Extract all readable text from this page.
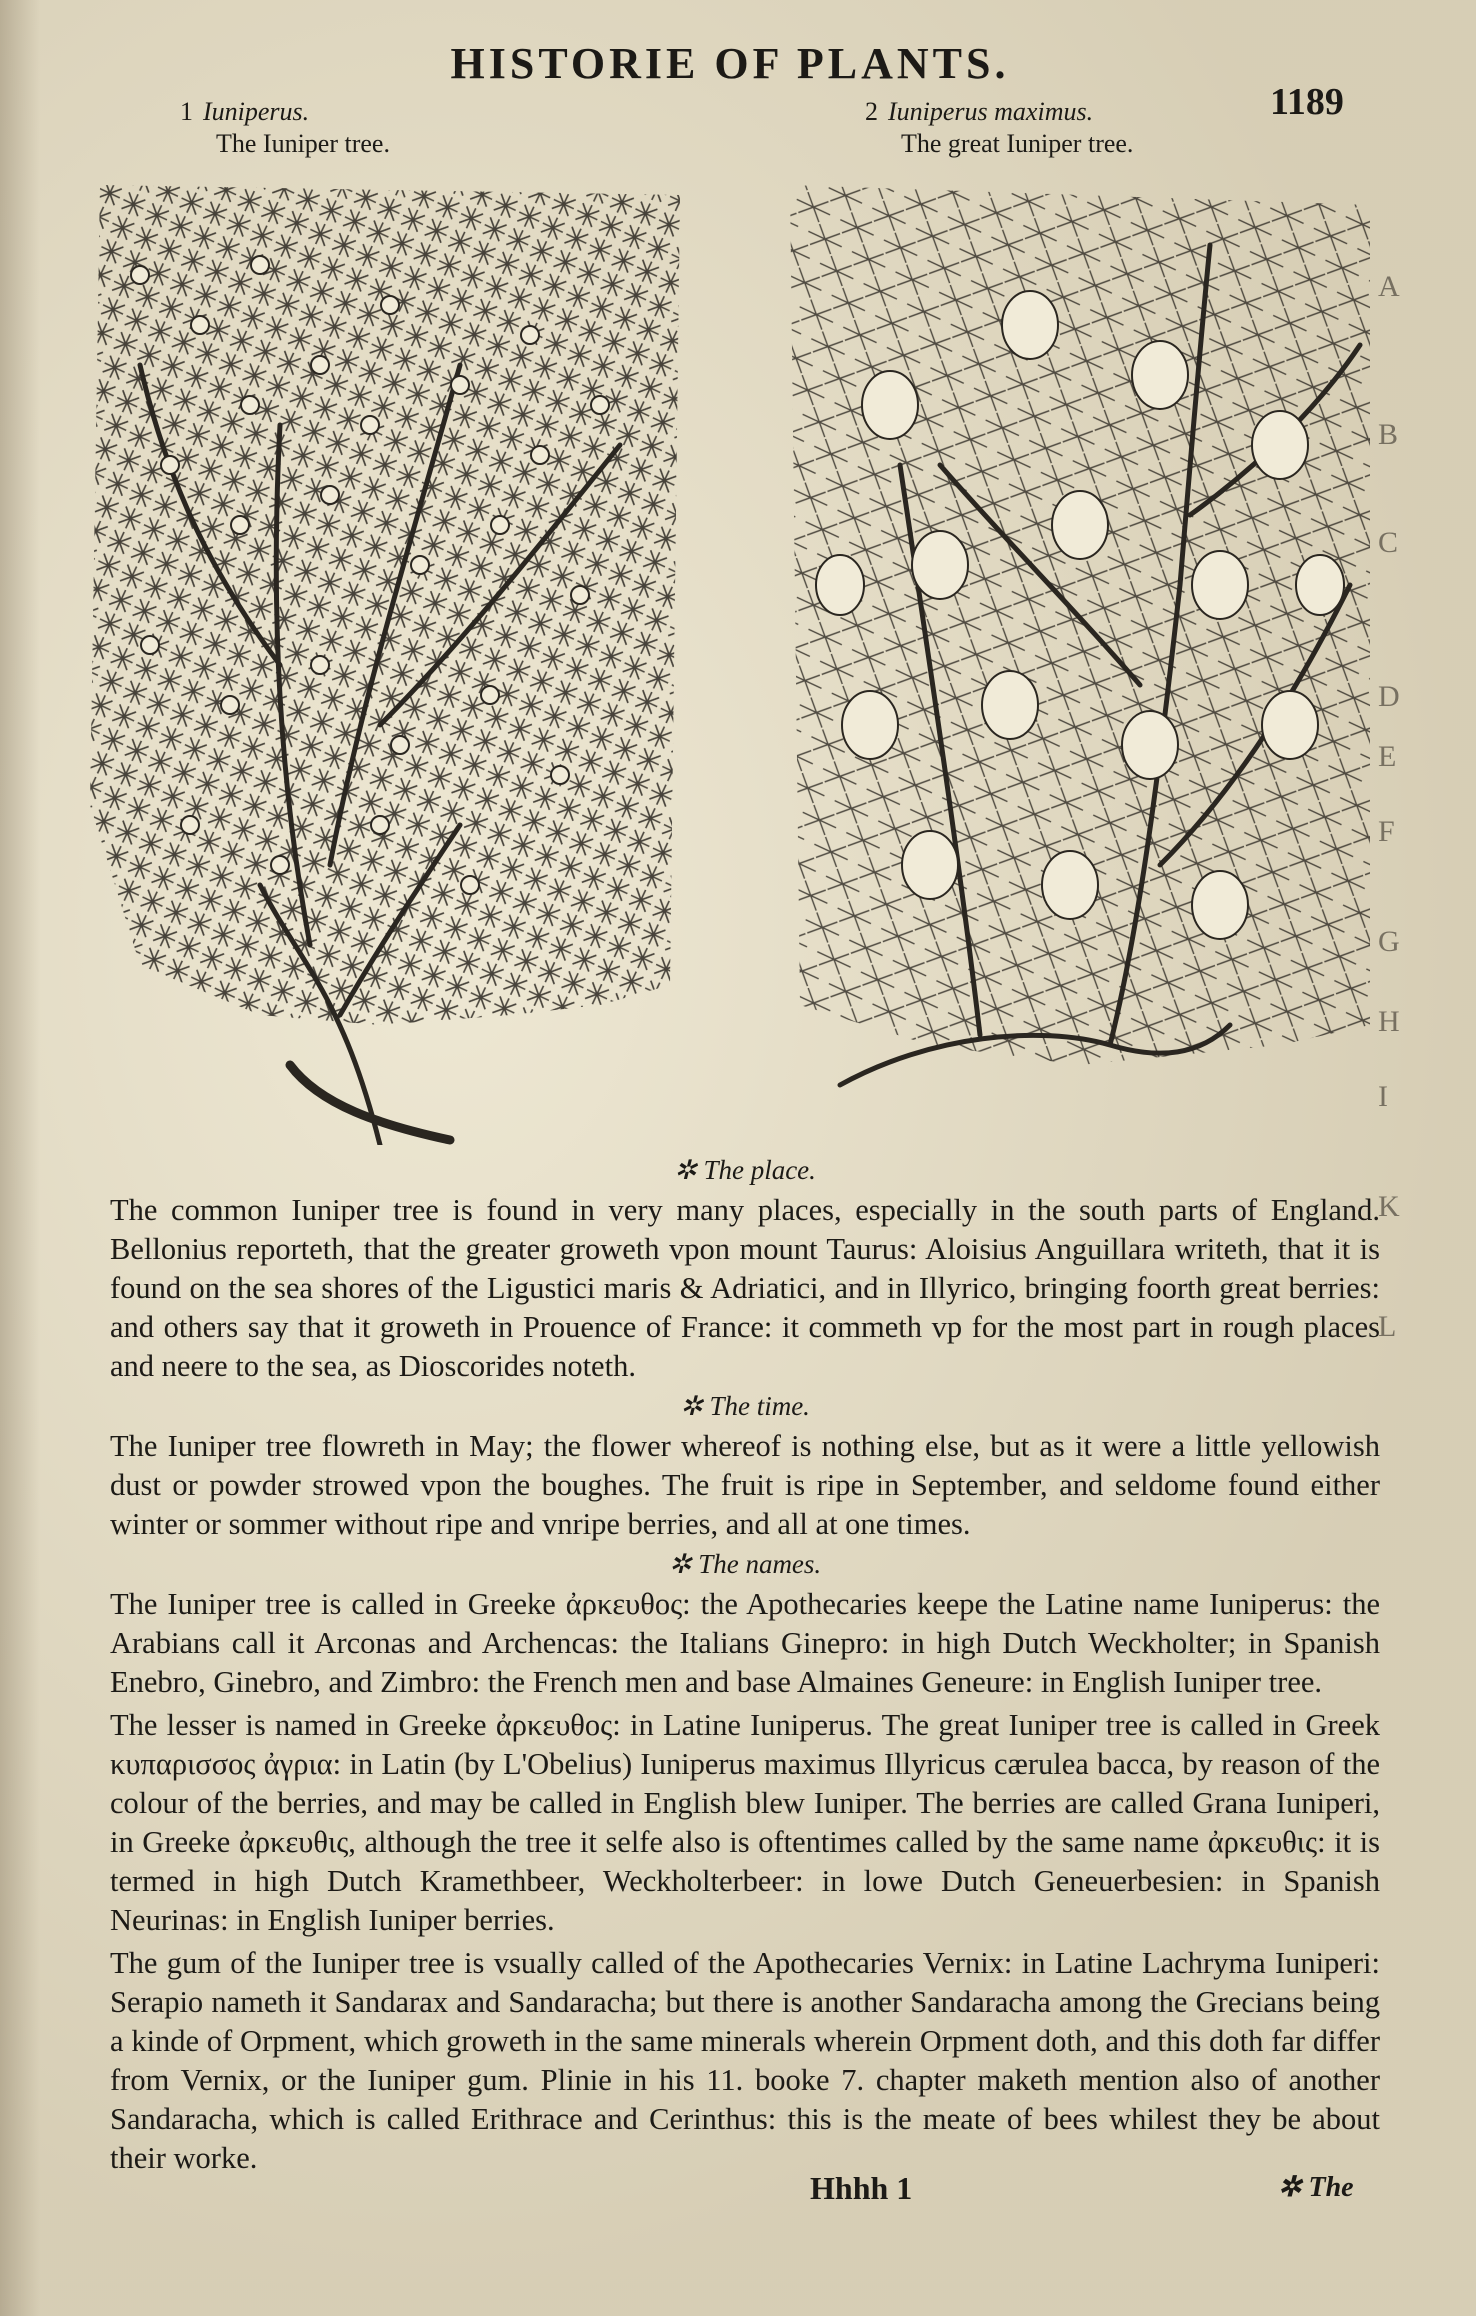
HISTORIE OF PLANTS.
1189
1 Iuniperus.
The Iuniper tree.
2 Iuniperus maximus.
The great Iuniper tree.
A
B
C
D
E
F
G
H
I
K
L
✲ The place.

The common Iuniper tree is found in very many places, especially in the south parts of England. Bellonius reporteth, that the greater groweth vpon mount Taurus: Aloisius Anguillara writeth, that it is found on the sea shores of the Ligustici maris & Adriatici, and in Illyrico, bringing foorth great berries: and others say that it groweth in Prouence of France: it commeth vp for the most part in rough places and neere to the sea, as Dioscorides noteth.

✲ The time.

The Iuniper tree flowreth in May; the flower whereof is nothing else, but as it were a little yellowish dust or powder strowed vpon the boughes. The fruit is ripe in September, and seldome found either winter or sommer without ripe and vnripe berries, and all at one times.

✲ The names.

The Iuniper tree is called in Greeke ἀρκευθος: the Apothecaries keepe the Latine name Iuniperus: the Arabians call it Arconas and Archencas: the Italians Ginepro: in high Dutch Weckholter; in Spanish Enebro, Ginebro, and Zimbro: the French men and base Almaines Geneure: in English Iuniper tree.

The lesser is named in Greeke ἀρκευθος: in Latine Iuniperus. The great Iuniper tree is called in Greek κυπαρισσος ἀγρια: in Latin (by L'Obelius) Iuniperus maximus Illyricus cærulea bacca, by reason of the colour of the berries, and may be called in English blew Iuniper. The berries are called Grana Iuniperi, in Greeke ἀρκευθις, although the tree it selfe also is oftentimes called by the same name ἀρκευθις: it is termed in high Dutch Kramethbeer, Weckholterbeer: in lowe Dutch Geneuerbesien: in Spanish Neurinas: in English Iuniper berries.

The gum of the Iuniper tree is vsually called of the Apothecaries Vernix: in Latine Lachryma Iuniperi: Serapio nameth it Sandarax and Sandaracha; but there is another Sandaracha among the Grecians being a kinde of Orpment, which groweth in the same minerals wherein Orpment doth, and this doth far differ from Vernix, or the Iuniper gum. Plinie in his 11. booke 7. chapter maketh mention also of another Sandaracha, which is called Erithrace and Cerinthus: this is the meate of bees whilest they be about their worke.

Hhhh 1	✲ The
